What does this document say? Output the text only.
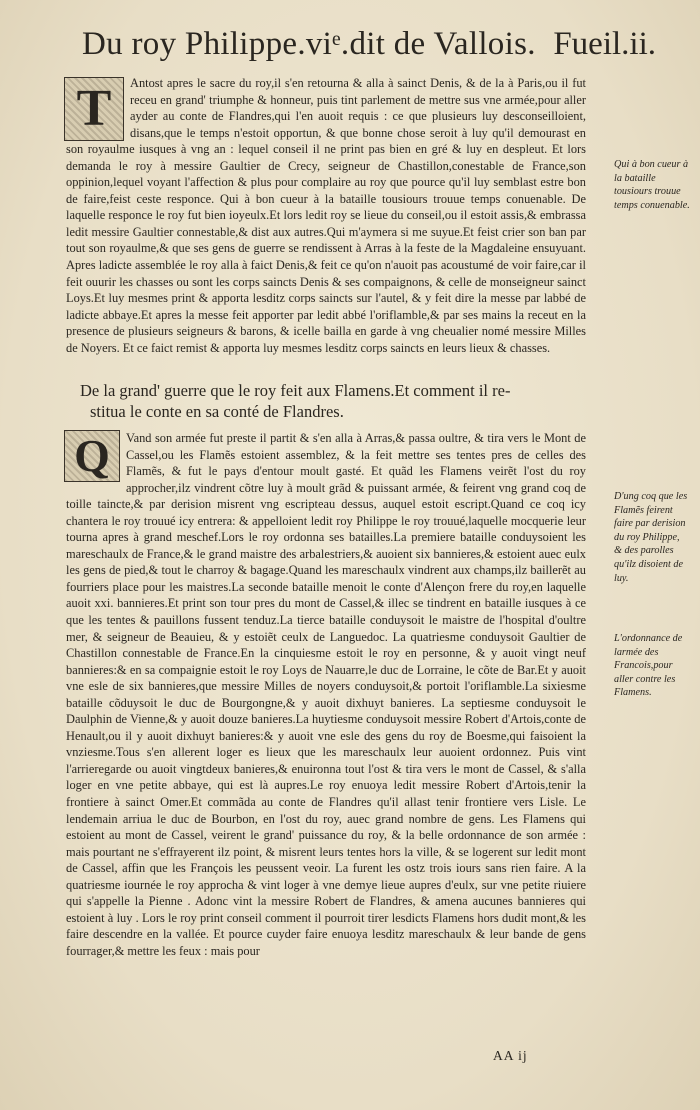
Du roy Philippe.viᵉ.dit de Vallois. Fueil.ii.

T	Antost apres le sacre du roy,il s'en retourna & alla à sainct Denis, & de la à Paris,ou il fut receu en grand' triumphe & honneur, puis tint parlement de mettre sus vne armée,pour aller ayder au conte de Flandres,qui l'en auoit requis : ce que plusieurs luy desconseilloient, disans,que le temps n'estoit opportun, & que bonne chose seroit à luy qu'il demourast en son royaulme iusques à vng an : lequel conseil il ne print pas bien en gré & luy en despleut. Et lors demanda le roy à messire Gaultier de Crecy, seigneur de Chastillon,conestable de France,son oppinion,lequel voyant l'affection & plus pour complaire au roy que pource qu'il luy semblast estre bon de faire,feist ceste responce. Qui à bon cueur à la bataille tousiours trouue temps conuenable. De laquelle responce le roy fut bien ioyeulx.Et lors ledit roy se lieue du conseil,ou il estoit assis,& embrassa ledit messire Gaultier connestable,& dist aux autres.Qui m'aymera si me suyue.Et feist crier son ban par tout son royaulme,& que ses gens de guerre se rendissent à Arras à la feste de la Magdaleine ensuyuant. Apres ladicte assemblée le roy alla à faict Denis,& feit ce qu'on n'auoit pas acoustumé de voir faire,car il feit ouurir les chasses ou sont les corps saincts Denis & ses compaignons, & celle de monseigneur sainct Loys.Et luy mesmes print & apporta lesditz corps saincts sur l'autel, & y feit dire la messe par labbé de ladicte abbaye.Et apres la messe feit apporter par ledit abbé l'oriflamble,& par ses mains la receut en la presence de plusieurs seigneurs & barons, & icelle bailla en garde à vng cheualier nomé messire Milles de Noyers. Et ce faict remist & apporta luy mesmes lesditz corps saincts en leurs lieux & chasses.

Qui à bon cueur à la bataille tousiours trouue temps conuenable.
De la grand' guerre que le roy feit aux Flamens.Et comment il re-
stitua le conte en sa conté de Flandres.

Q	Vand son armée fut preste il partit & s'en alla à Arras,& passa oultre, & tira vers le Mont de Cassel,ou les Flamẽs estoient assemblez, & la feit mettre ses tentes pres de celles des Flamẽs, & fut le pays d'entour moult gasté. Et quãd les Flamens veirẽt l'ost du roy approcher,ilz vindrent cõtre luy à moult grãd & puissant armée, & feirent vng grand coq de toille taincte,& par derision misrent vng escripteau dessus, auquel estoit escript.Quand ce coq icy chantera le roy trouué icy entrera: & appelloient ledit roy Philippe le roy trouué,laquelle mocquerie leur tourna apres à grand meschef.Lors le roy ordonna ses batailles.La premiere bataille conduysoient les mareschaulx de France,& le grand maistre des arbalestriers,& auoient six bannieres,& estoient auec eulx les gens de pied,& tout le charroy & bagage.Quand les mareschaulx vindrent aux champs,ilz baillerẽt au fourriers place pour les maistres.La seconde bataille menoit le conte d'Alençon frere du roy,en laquelle auoit xxi. bannieres.Et print son tour pres du mont de Cassel,& illec se tindrent en bataille iusques à ce que les tentes & pauillons fussent tenduz.La tierce bataille conduysoit le maistre de l'hospital d'oultre mer, & seigneur de Beauieu, & y estoiẽt ceulx de Languedoc. La quatriesme conduysoit Gaultier de Chastillon connestable de France.En la cinquiesme estoit le roy en personne, & y auoit vingt neuf bannieres:& en sa compaignie estoit le roy Loys de Nauarre,le duc de Lorraine, le cõte de Bar.Et y auoit vne esle de six bannieres,que messire Milles de noyers conduysoit,& portoit l'oriflamble.La sixiesme bataille cõduysoit le duc de Bourgongne,& y auoit dixhuyt banieres. La septiesme conduysoit le Daulphin de Vienne,& y auoit douze banieres.La huytiesme conduysoit messire Robert d'Artois,conte de Henault,ou il y auoit dixhuyt banieres:& y auoit vne esle des gens du roy de Boesme,qui faisoient la vnziesme.Tous s'en allerent loger es lieux que les mareschaulx leur auoient ordonnez. Puis vint l'arrieregarde ou auoit vingtdeux banieres,& enuironna tout l'ost & tira vers le mont de Cassel, & s'alla loger en vne petite abbaye, qui est là aupres.Le roy enuoya ledit messire Robert d'Artois,tenir la frontiere à sainct Omer.Et commãda au conte de Flandres qu'il allast tenir frontiere vers Lisle. Le lendemain arriua le duc de Bourbon, en l'ost du roy, auec grand nombre de gens. Les Flamens qui estoient au mont de Cassel, veirent le grand' puissance du roy, & la belle ordonnance de son armée : mais pourtant ne s'effrayerent ilz point, & misrent leurs tentes hors la ville, & se logerent sur ledit mont de Cassel, affin que les François les peussent veoir. La furent les ostz trois iours sans rien faire. A la quatriesme iournée le roy approcha & vint loger à vne demye lieue aupres d'eulx, sur vne petite riuiere qui s'appelle la Pienne . Adonc vint la messire Robert de Flandres, & amena aucunes bannieres qui estoient à luy . Lors le roy print conseil comment il pourroit tirer lesdicts Flamens hors dudit mont,& les faire descendre en la vallée. Et pource cuyder faire enuoya lesditz mareschaulx & leur bande de gens fourrager,& mettre les feux : mais pour

D'ung coq que les Flamẽs feirent faire par derision du roy Philippe, & des parolles qu'ilz disoient de luy.
L'ordonnance de larmée des Francois,pour aller contre les Flamens.
AA ij
